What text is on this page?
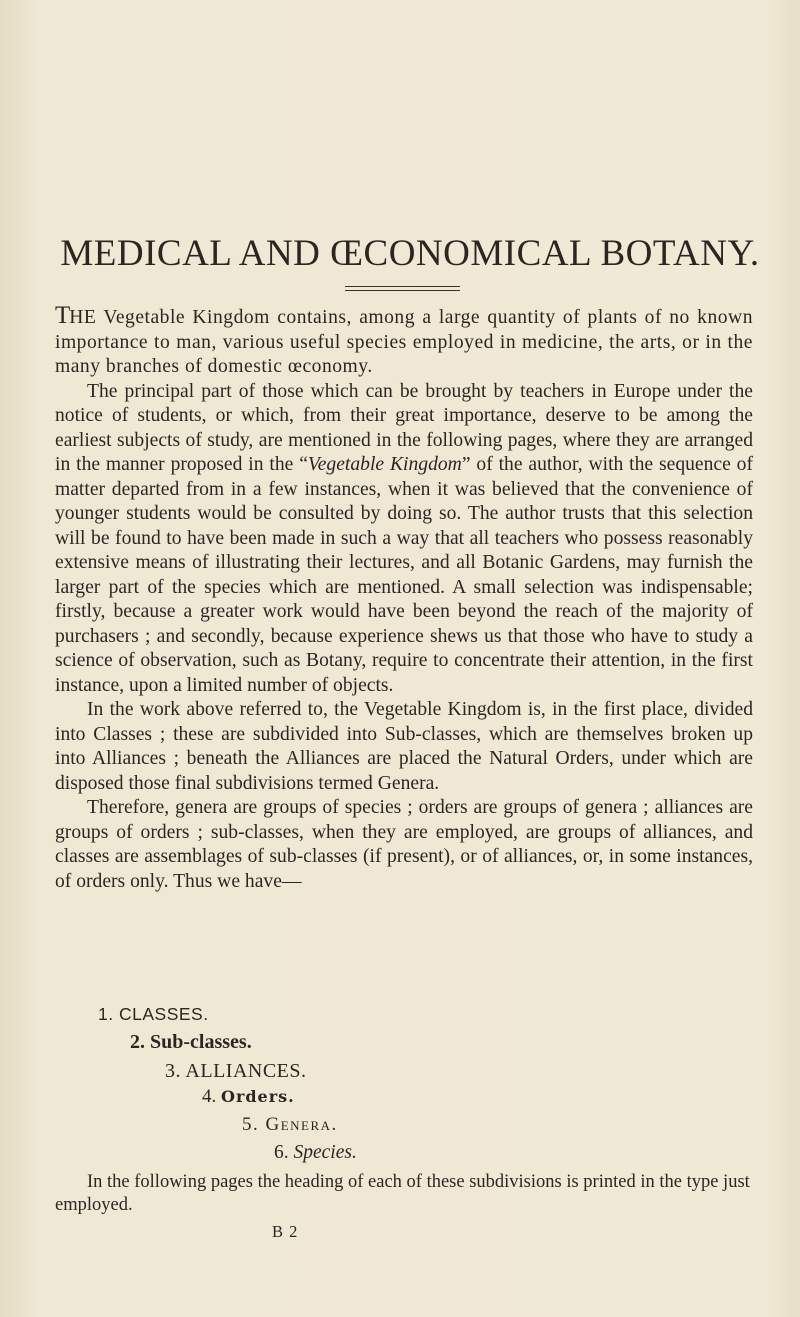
MEDICAL AND ŒCONOMICAL BOTANY.

THE Vegetable Kingdom contains, among a large quantity of plants of no known importance to man, various useful species employed in medicine, the arts, or in the many branches of domestic œconomy.

The principal part of those which can be brought by teachers in Europe under the notice of students, or which, from their great importance, deserve to be among the earliest subjects of study, are mentioned in the following pages, where they are arranged in the manner proposed in the “Vegetable Kingdom” of the author, with the sequence of matter departed from in a few instances, when it was believed that the convenience of younger students would be consulted by doing so. The author trusts that this selection will be found to have been made in such a way that all teachers who possess reasonably extensive means of illustrating their lectures, and all Botanic Gardens, may furnish the larger part of the species which are mentioned. A small selection was indispensable; firstly, because a greater work would have been beyond the reach of the majority of purchasers ; and secondly, because experience shews us that those who have to study a science of observation, such as Botany, require to concentrate their attention, in the first instance, upon a limited number of objects.

In the work above referred to, the Vegetable Kingdom is, in the first place, divided into Classes ; these are subdivided into Sub-classes, which are themselves broken up into Alliances ; beneath the Alliances are placed the Natural Orders, under which are disposed those final subdivisions termed Genera.

Therefore, genera are groups of species ; orders are groups of genera ; alliances are groups of orders ; sub-classes, when they are employed, are groups of alliances, and classes are assemblages of sub-classes (if present), or of alliances, or, in some instances, of orders only. Thus we have—

1. CLASSES.
2. Sub-classes.
3. ALLIANCES.
4. Orders.
5. Genera.
6. Species.

In the following pages the heading of each of these subdivisions is printed in the type just employed.

B 2
